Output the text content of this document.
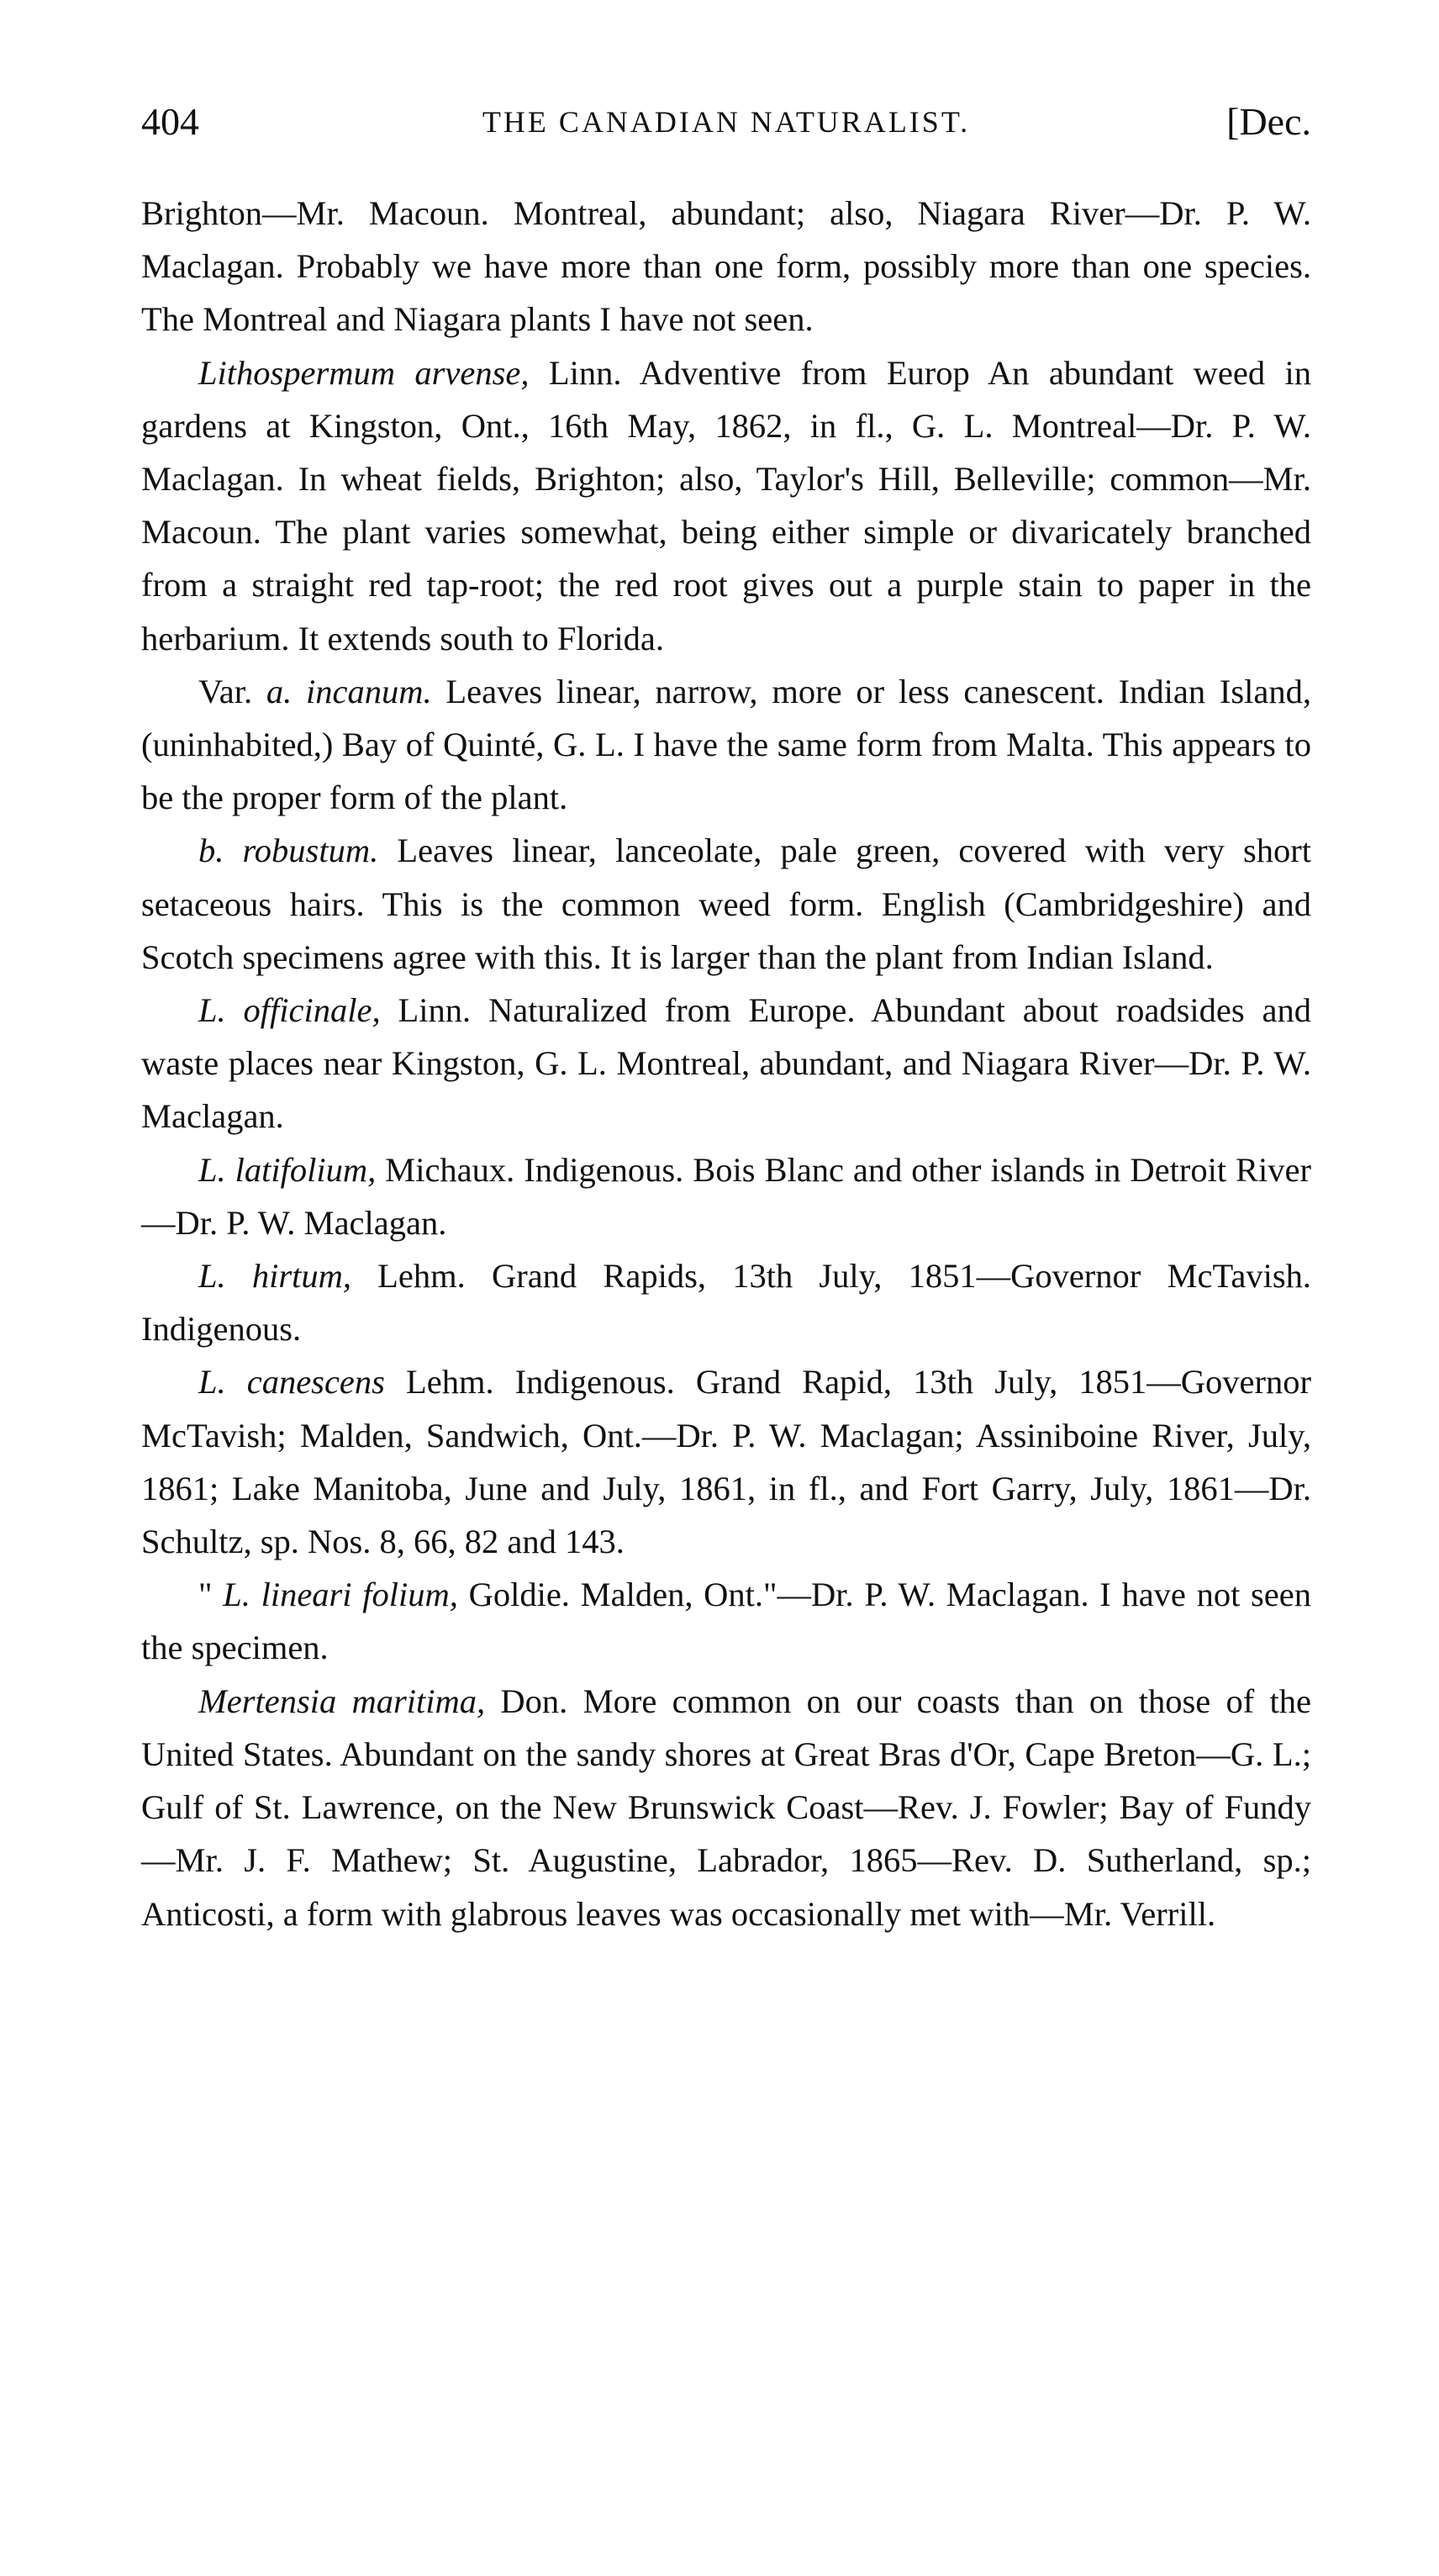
404	THE CANADIAN NATURALIST.	[Dec.

Brighton—Mr. Macoun. Montreal, abundant; also, Niagara River—Dr. P. W. Maclagan. Probably we have more than one form, possibly more than one species. The Montreal and Niagara plants I have not seen.

Lithospermum arvense, Linn. Adventive from Europ An abundant weed in gardens at Kingston, Ont., 16th May, 1862, in fl., G. L. Montreal—Dr. P. W. Maclagan. In wheat fields, Brighton; also, Taylor's Hill, Belleville; common—Mr. Macoun. The plant varies somewhat, being either simple or divaricately branched from a straight red tap-root; the red root gives out a purple stain to paper in the herbarium. It extends south to Florida.

Var. a. incanum. Leaves linear, narrow, more or less canescent. Indian Island, (uninhabited,) Bay of Quinté, G. L. I have the same form from Malta. This appears to be the proper form of the plant.

b. robustum. Leaves linear, lanceolate, pale green, covered with very short setaceous hairs. This is the common weed form. English (Cambridgeshire) and Scotch specimens agree with this. It is larger than the plant from Indian Island.

L. officinale, Linn. Naturalized from Europe. Abundant about roadsides and waste places near Kingston, G. L. Montreal, abundant, and Niagara River—Dr. P. W. Maclagan.

L. latifolium, Michaux. Indigenous. Bois Blanc and other islands in Detroit River—Dr. P. W. Maclagan.

L. hirtum, Lehm. Grand Rapids, 13th July, 1851—Governor McTavish. Indigenous.

L. canescens Lehm. Indigenous. Grand Rapid, 13th July, 1851—Governor McTavish; Malden, Sandwich, Ont.—Dr. P. W. Maclagan; Assiniboine River, July, 1861; Lake Manitoba, June and July, 1861, in fl., and Fort Garry, July, 1861—Dr. Schultz, sp. Nos. 8, 66, 82 and 143.

" L. lineari folium, Goldie. Malden, Ont."—Dr. P. W. Maclagan. I have not seen the specimen.

Mertensia maritima, Don. More common on our coasts than on those of the United States. Abundant on the sandy shores at Great Bras d'Or, Cape Breton—G. L.; Gulf of St. Lawrence, on the New Brunswick Coast—Rev. J. Fowler; Bay of Fundy—Mr. J. F. Mathew; St. Augustine, Labrador, 1865—Rev. D. Sutherland, sp.; Anticosti, a form with glabrous leaves was occasionally met with—Mr. Verrill.
